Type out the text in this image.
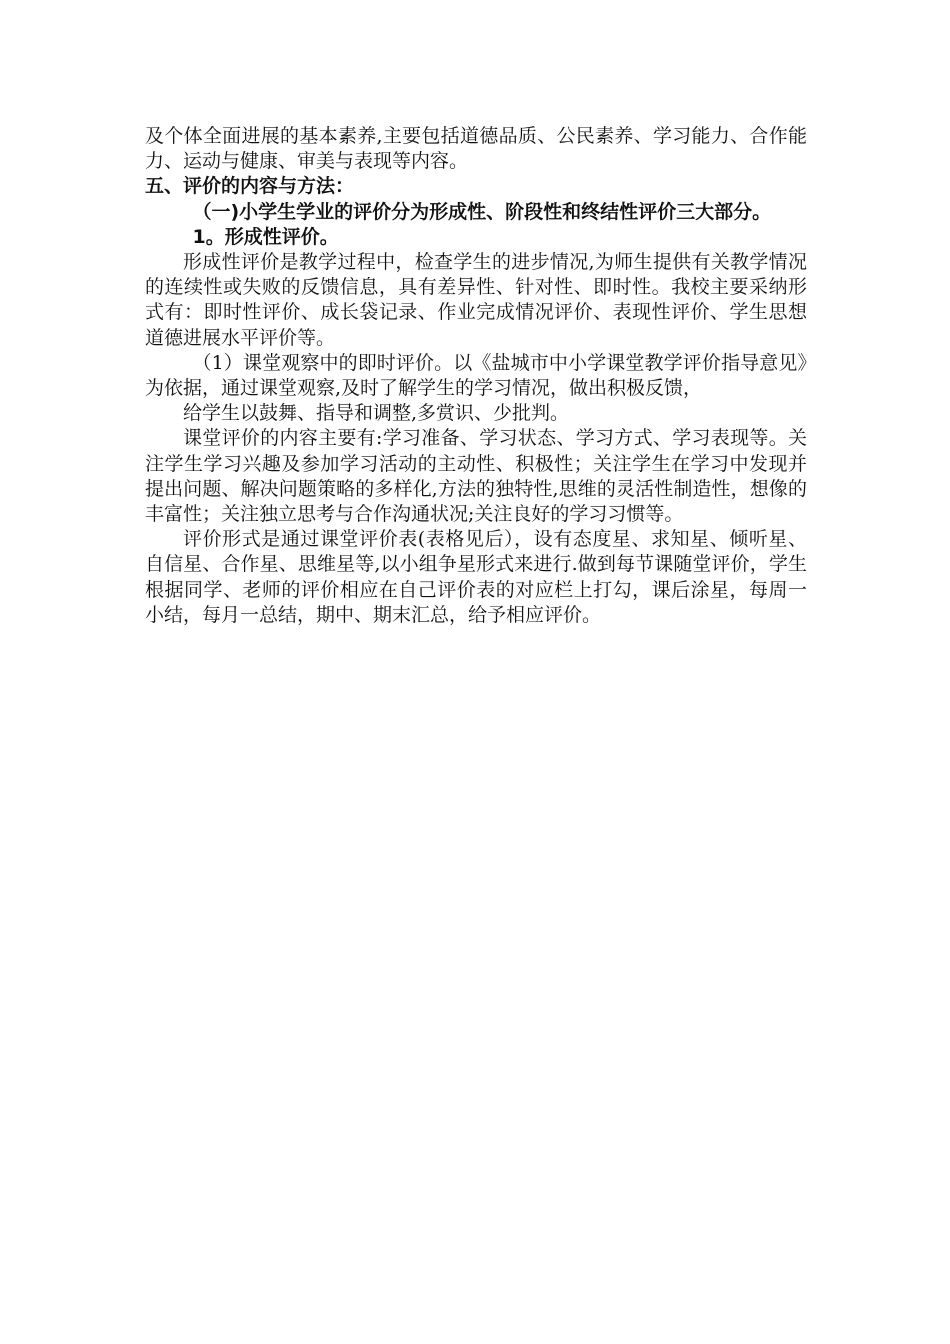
及个体全面进展的基本素养,主要包括道德品质、公民素养、学习能力、合作能力、运动与健康、审美与表现等内容。

五、评价的内容与方法：

（一)小学生学业的评价分为形成性、阶段性和终结性评价三大部分。

1。形成性评价。

形成性评价是教学过程中，检查学生的进步情况,为师生提供有关教学情况的连续性或失败的反馈信息，具有差异性、针对性、即时性。我校主要采纳形式有：即时性评价、成长袋记录、作业完成情况评价、表现性评价、学生思想道德进展水平评价等。

（1）课堂观察中的即时评价。以《盐城市中小学课堂教学评价指导意见》为依据，通过课堂观察,及时了解学生的学习情况，做出积极反馈，

给学生以鼓舞、指导和调整,多赏识、少批判。

课堂评价的内容主要有:学习准备、学习状态、学习方式、学习表现等。关注学生学习兴趣及参加学习活动的主动性、积极性；关注学生在学习中发现并提出问题、解决问题策略的多样化,方法的独特性,思维的灵活性制造性，想像的丰富性；关注独立思考与合作沟通状况;关注良好的学习习惯等。

评价形式是通过课堂评价表(表格见后），设有态度星、求知星、倾听星、自信星、合作星、思维星等,以小组争星形式来进行.做到每节课随堂评价，学生根据同学、老师的评价相应在自己评价表的对应栏上打勾，课后涂星，每周一小结，每月一总结，期中、期末汇总，给予相应评价。
